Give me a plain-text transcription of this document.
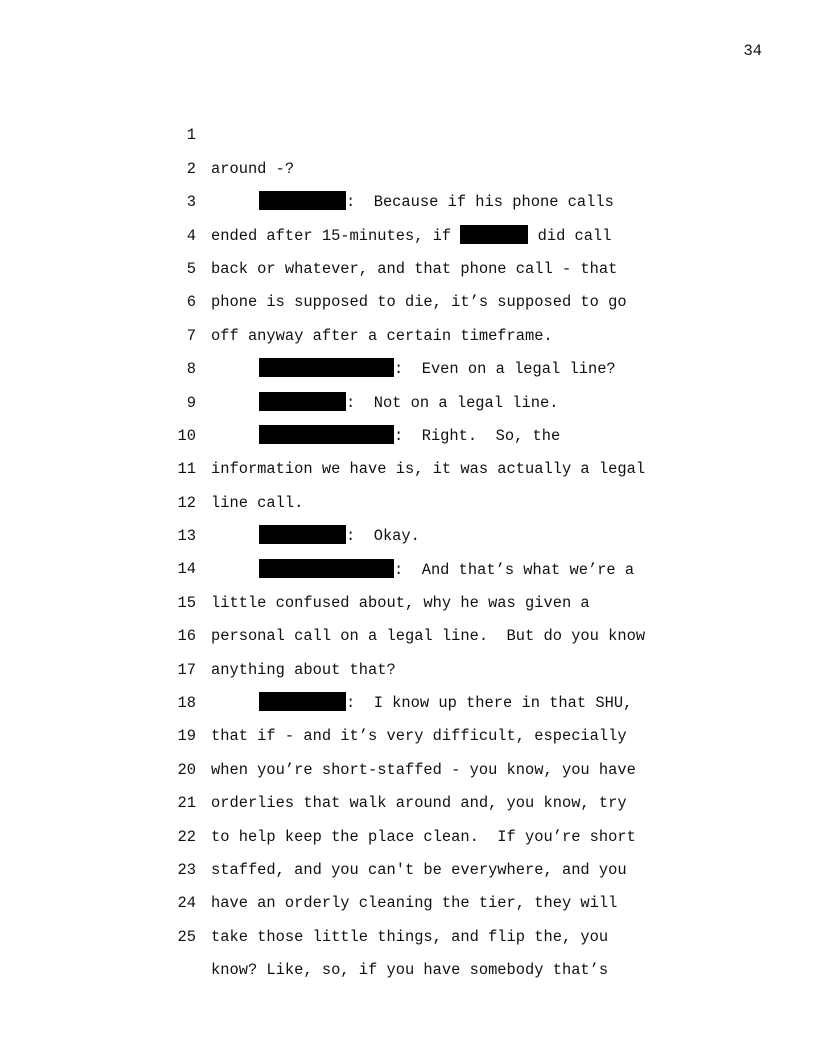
34

1

around -?

2

:  Because if his phone calls

3

ended after 15-minutes, if	did call

4

back or whatever, and that phone call - that

5

phone is supposed to die, it’s supposed to go

6

off anyway after a certain timeframe.

7

:  Even on a legal line?

8

:  Not on a legal line.

9

:  Right.  So, the

10

information we have is, it was actually a legal

11

line call.

12

:  Okay.

13

:  And that’s what we’re a

14

little confused about, why he was given a

15

personal call on a legal line.  But do you know

16

anything about that?

17

:  I know up there in that SHU,

18

that if - and it’s very difficult, especially

19

when you’re short-staffed - you know, you have

20

orderlies that walk around and, you know, try

21

to help keep the place clean.  If you’re short

22

staffed, and you can't be everywhere, and you

23

have an orderly cleaning the tier, they will

24

take those little things, and flip the, you

25

know? Like, so, if you have somebody that’s
